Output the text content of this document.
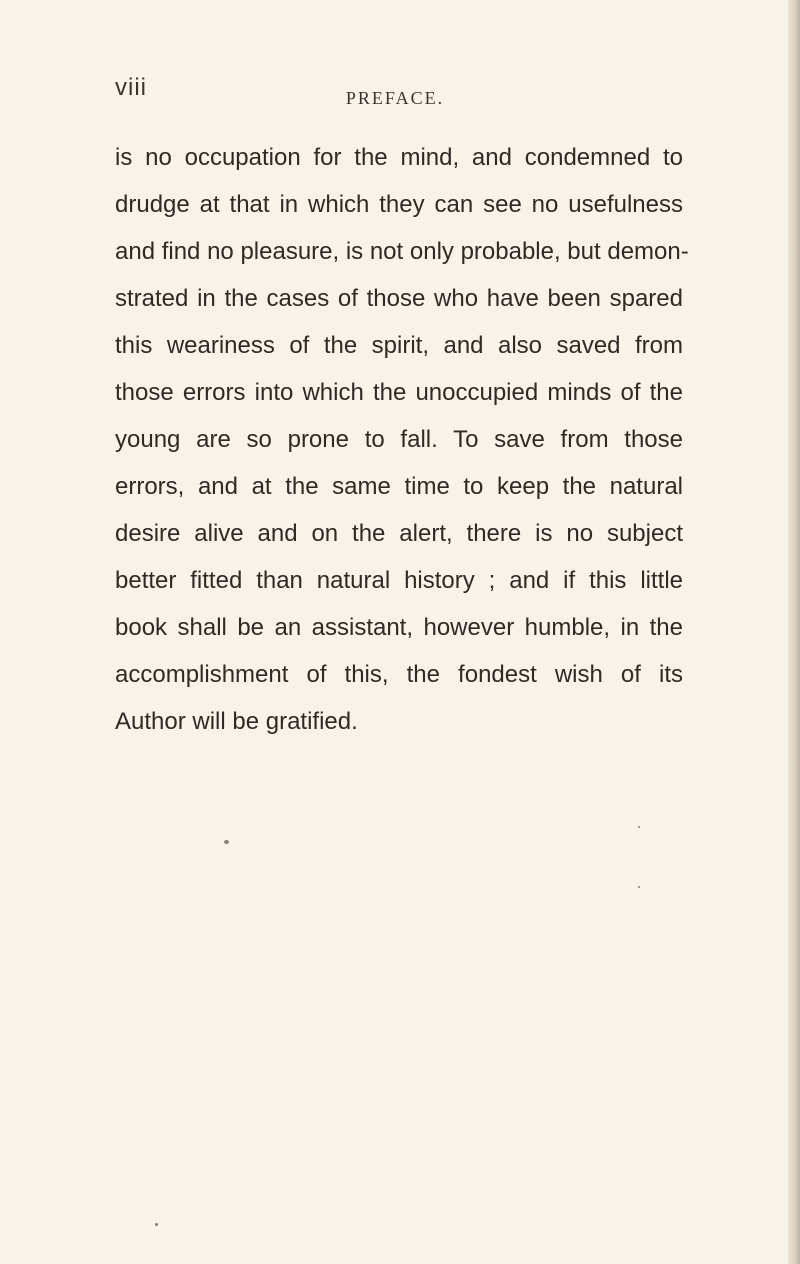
viii	PREFACE.
is no occupation for the mind, and condemned to
drudge at that in which they can see no usefulness
and find no pleasure, is not only probable, but demon-
strated in the cases of those who have been spared
this weariness of the spirit, and also saved from
those errors into which the unoccupied minds of the
young are so prone to fall. To save from those
errors, and at the same time to keep the natural
desire alive and on the alert, there is no subject
better fitted than natural history ; and if this little
book shall be an assistant, however humble, in the
accomplishment of this, the fondest wish of its
Author will be gratified.
